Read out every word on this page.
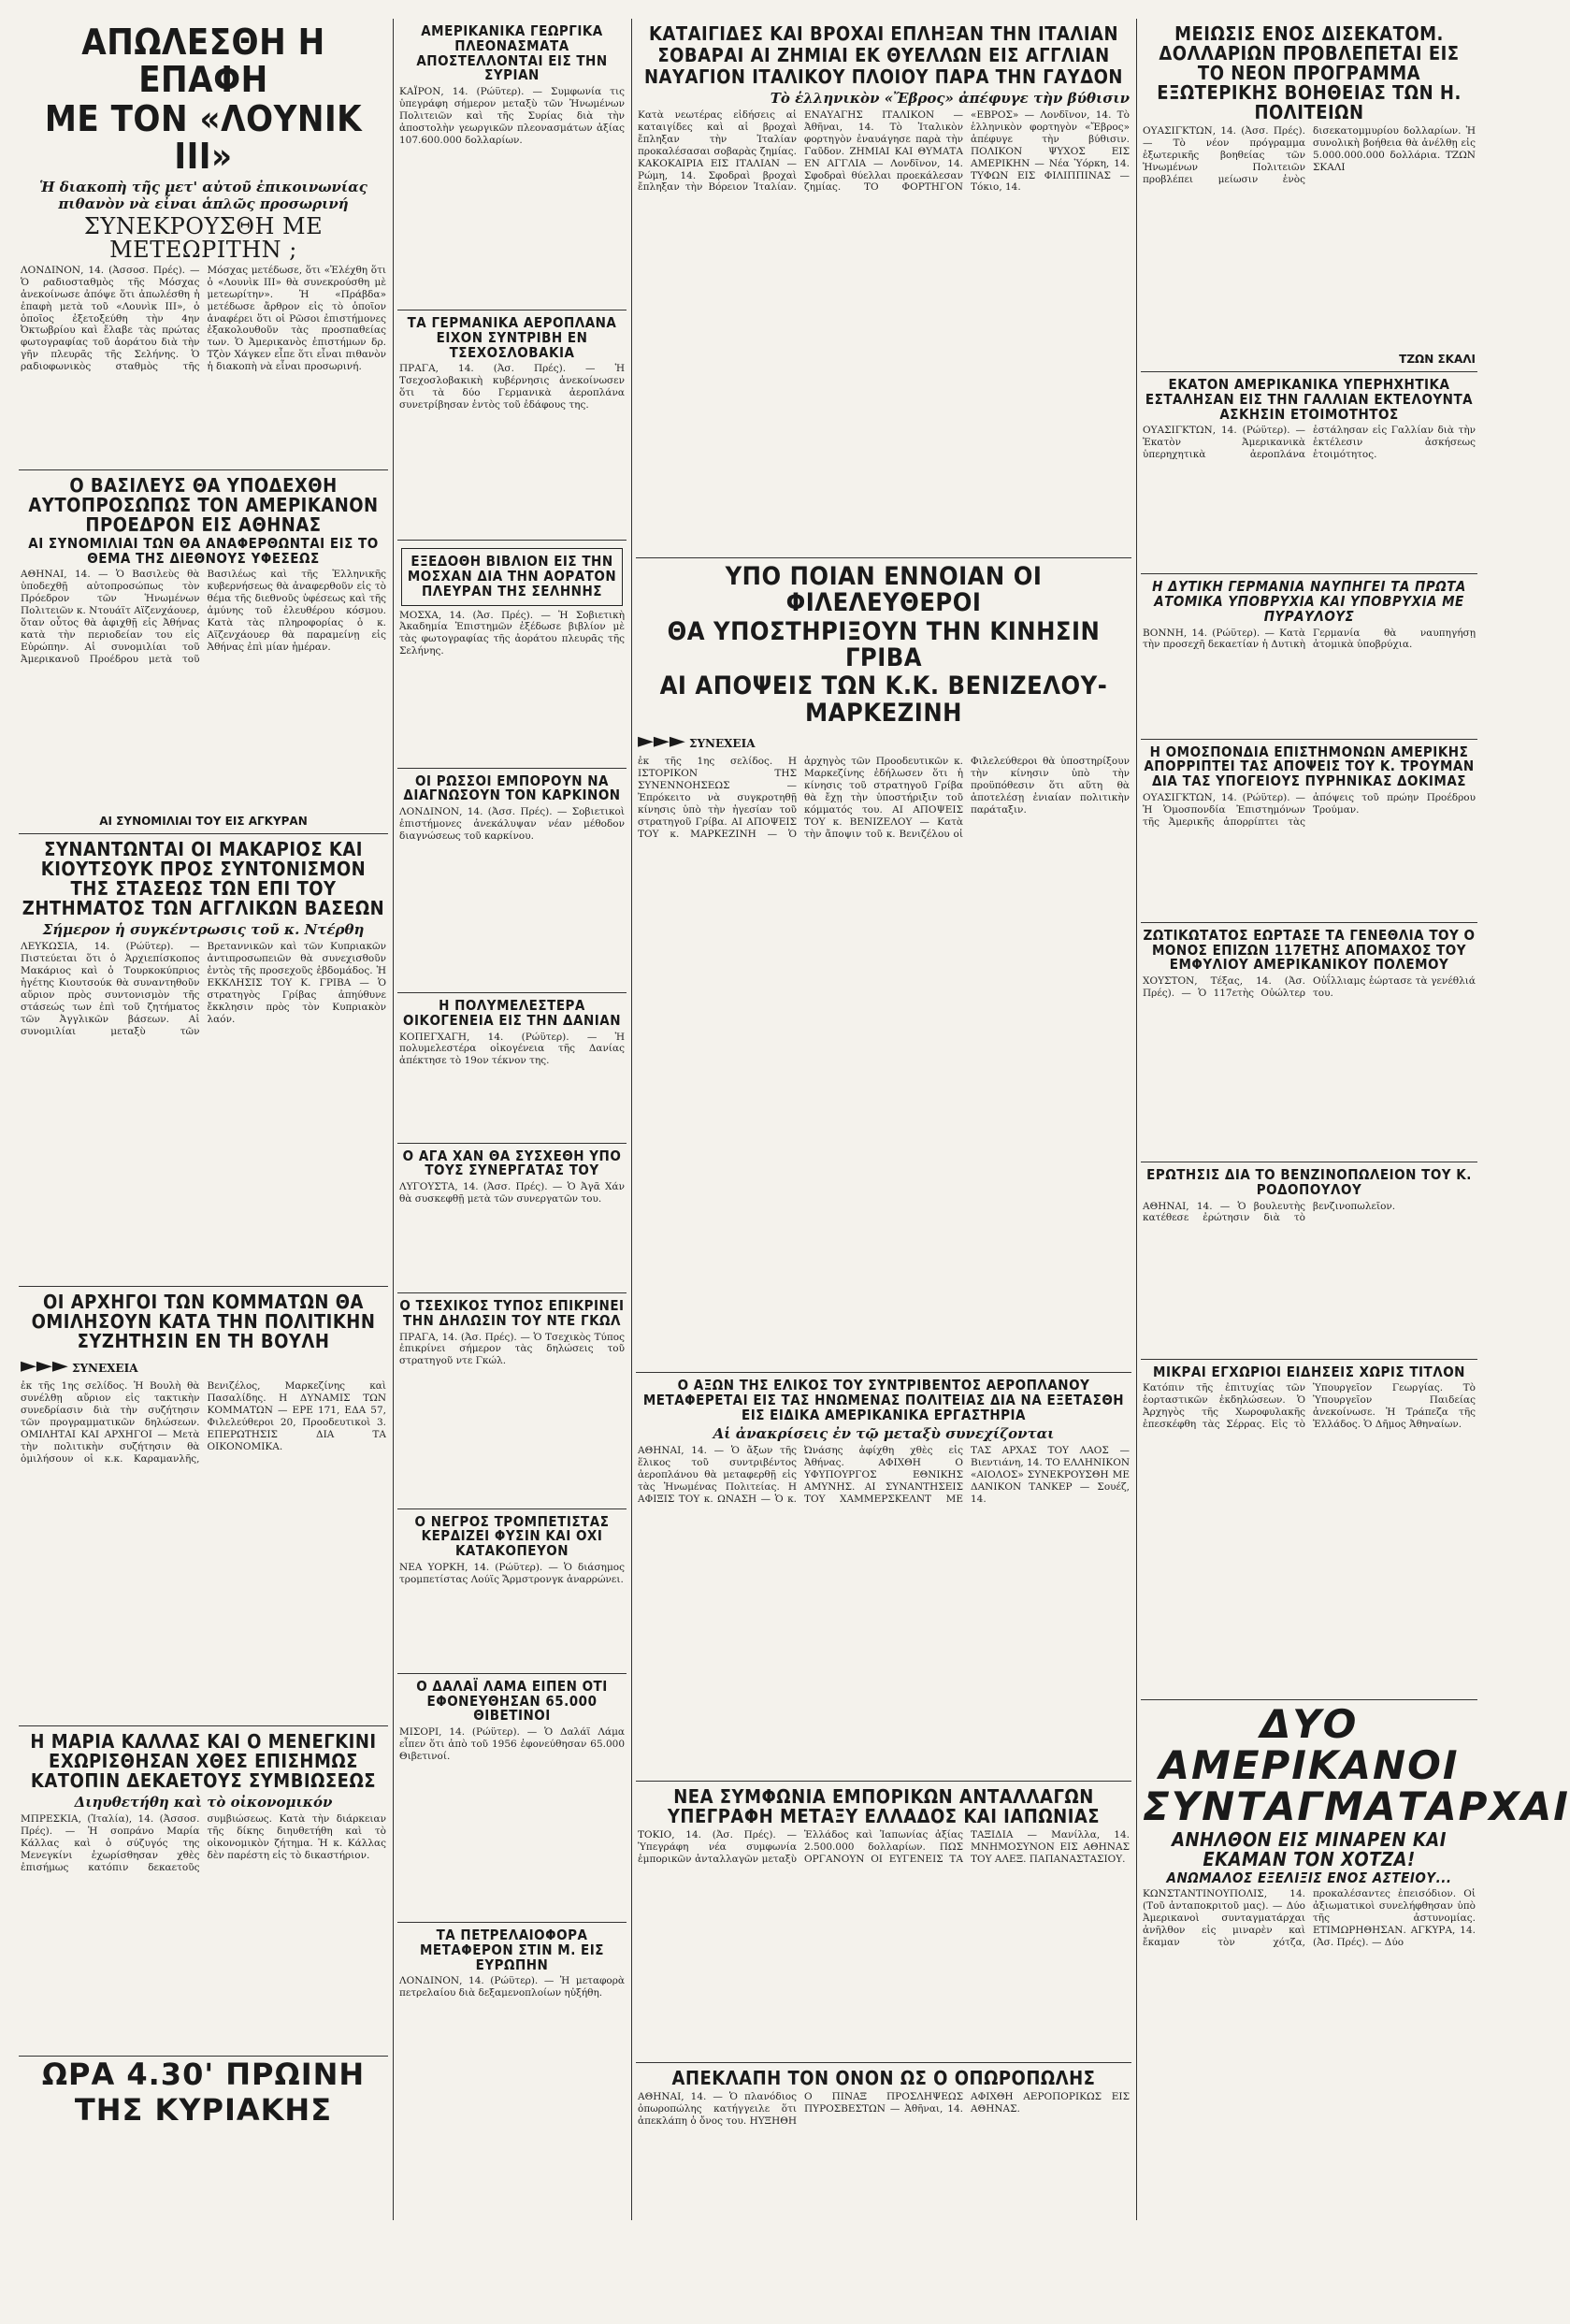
ΑΠΩΛΕΣΘΗ Η ΕΠΑΦΗ
ΜΕ ΤΟΝ «ΛΟΥΝΙΚ ΙΙΙ»
Ἡ διακοπὴ τῆς μετ' αὐτοῦ ἐπικοινωνίας πιθανὸν νὰ εἶναι ἁπλῶς προσωρινή
ΣΥΝΕΚΡΟΥΣΘΗ ΜΕ ΜΕΤΕΩΡΙΤΗΝ ;
ΛΟΝΔΙΝΟΝ, 14. (Ἀσσοσ. Πρές). — Ὁ ραδιοσταθμὸς τῆς Μόσχας ἀνεκοίνωσε ἀπόψε ὅτι ἀπωλέσθη ἡ ἐπαφὴ μετὰ τοῦ «Λουνὶκ ΙΙΙ», ὁ ὁποῖος ἐξετοξεύθη τὴν 4ην Ὀκτωβρίου καὶ ἔλαβε τὰς πρώτας φωτογραφίας τοῦ ἀοράτου διὰ τὴν γῆν πλευρᾶς τῆς Σελήνης. Ὁ ραδιοφωνικὸς σταθμὸς τῆς Μόσχας μετέδωσε, ὅτι «Ἐλέχθη ὅτι ὁ «Λουνὶκ ΙΙΙ» θὰ συνεκρούσθη μὲ μετεωρίτην». Ἡ «Πράβδα» μετέδωσε ἄρθρον εἰς τὸ ὁποῖον ἀναφέρει ὅτι οἱ Ρῶσοι ἐπιστήμονες ἐξακολουθοῦν τὰς προσπαθείας των. Ὁ Ἀμερικανὸς ἐπιστήμων δρ. Τζὸν Χάγκεν εἶπε ὅτι εἶναι πιθανὸν ἡ διακοπὴ νὰ εἶναι προσωρινή.
Ο ΒΑΣΙΛΕΥΣ ΘΑ ΥΠΟΔΕΧΘΗ ΑΥΤΟΠΡΟΣΩΠΩΣ ΤΟΝ ΑΜΕΡΙΚΑΝΟΝ ΠΡΟΕΔΡΟΝ ΕΙΣ ΑΘΗΝΑΣ
ΑΙ ΣΥΝΟΜΙΛΙΑΙ ΤΩΝ ΘΑ ΑΝΑΦΕΡΘΩΝΤΑΙ ΕΙΣ ΤΟ ΘΕΜΑ ΤΗΣ ΔΙΕΘΝΟΥΣ ΥΦΕΣΕΩΣ
ΑΘΗΝΑΙ, 14. — Ὁ Βασιλεὺς θὰ ὑποδεχθῇ αὐτοπροσώπως τὸν Πρόεδρον τῶν Ἡνωμένων Πολιτειῶν κ. Ντουάϊτ Αϊζενχάουερ, ὅταν οὗτος θὰ ἀφιχθῇ εἰς Ἀθήνας κατὰ τὴν περιοδείαν του εἰς Εὐρώπην. Αἱ συνομιλίαι τοῦ Ἀμερικανοῦ Προέδρου μετὰ τοῦ Βασιλέως καὶ τῆς Ἑλληνικῆς κυβερνήσεως θὰ ἀναφερθοῦν εἰς τὸ θέμα τῆς διεθνοῦς ὑφέσεως καὶ τῆς ἀμύνης τοῦ ἐλευθέρου κόσμου. Κατὰ τὰς πληροφορίας ὁ κ. Αϊζενχάουερ θὰ παραμείνῃ εἰς Ἀθήνας ἐπὶ μίαν ἡμέραν.
ΑΙ ΣΥΝΟΜΙΛΙΑΙ ΤΟΥ ΕΙΣ ΑΓΚΥΡΑΝ
ΣΥΝΑΝΤΩΝΤΑΙ ΟΙ ΜΑΚΑΡΙΟΣ ΚΑΙ ΚΙΟΥΤΣΟΥΚ ΠΡΟΣ ΣΥΝΤΟΝΙΣΜΟΝ ΤΗΣ ΣΤΑΣΕΩΣ ΤΩΝ ΕΠΙ ΤΟΥ ΖΗΤΗΜΑΤΟΣ ΤΩΝ ΑΓΓΛΙΚΩΝ ΒΑΣΕΩΝ
Σήμερον ἡ συγκέντρωσις τοῦ κ. Ντέρθη
ΛΕΥΚΩΣΙΑ, 14. (Ρώϋτερ). — Πιστεύεται ὅτι ὁ Ἀρχιεπίσκοπος Μακάριος καὶ ὁ Τουρκοκύπριος ἡγέτης Κιουτσούκ θὰ συναντηθοῦν αὔριον πρὸς συντονισμὸν τῆς στάσεώς των ἐπὶ τοῦ ζητήματος τῶν Ἀγγλικῶν βάσεων. Αἱ συνομιλίαι μεταξὺ τῶν Βρεταννικῶν καὶ τῶν Κυπριακῶν ἀντιπροσωπειῶν θὰ συνεχισθοῦν ἐντὸς τῆς προσεχοῦς ἑβδομάδος. Ἡ ΕΚΚΛΗΣΙΣ ΤΟΥ Κ. ΓΡΙΒΑ — Ὁ στρατηγὸς Γρίβας ἀπηύθυνε ἔκκλησιν πρὸς τὸν Κυπριακὸν λαόν.
ΟΙ ΑΡΧΗΓΟΙ ΤΩΝ ΚΟΜΜΑΤΩΝ ΘΑ ΟΜΙΛΗΣΟΥΝ ΚΑΤΑ ΤΗΝ ΠΟΛΙΤΙΚΗΝ ΣΥΖΗΤΗΣΙΝ ΕΝ ΤΗ ΒΟΥΛΗ
►►► ΣΥΝΕΧΕΙΑ
ἐκ τῆς 1ης σελίδος. Ἡ Βουλὴ θὰ συνέλθῃ αὔριον εἰς τακτικὴν συνεδρίασιν διὰ τὴν συζήτησιν τῶν προγραμματικῶν δηλώσεων. ΟΜΙΛΗΤΑΙ ΚΑΙ ΑΡΧΗΓΟΙ — Μετὰ τὴν πολιτικὴν συζήτησιν θὰ ὁμιλήσουν οἱ κ.κ. Καραμανλῆς, Βενιζέλος, Μαρκεζίνης καὶ Πασαλίδης. Η ΔΥΝΑΜΙΣ ΤΩΝ ΚΟΜΜΑΤΩΝ — ΕΡΕ 171, ΕΔΑ 57, Φιλελεύθεροι 20, Προοδευτικοὶ 3. ΕΠΕΡΩΤΗΣΙΣ ΔΙΑ ΤΑ ΟΙΚΟΝΟΜΙΚΑ.
Η ΜΑΡΙΑ ΚΑΛΛΑΣ ΚΑΙ Ο ΜΕΝΕΓΚΙΝΙ ΕΧΩΡΙΣΘΗΣΑΝ ΧΘΕΣ ΕΠΙΣΗΜΩΣ ΚΑΤΟΠΙΝ ΔΕΚΑΕΤΟΥΣ ΣΥΜΒΙΩΣΕΩΣ
Διηυθετήθη καὶ τὸ οἰκονομικόν
ΜΠΡΕΣΚΙΑ, (Ἰταλία), 14. (Ἀσσοσ. Πρές). — Ἡ σοπράνο Μαρία Κάλλας καὶ ὁ σύζυγός της Μενεγκίνι ἐχωρίσθησαν χθὲς ἐπισήμως κατόπιν δεκαετοῦς συμβιώσεως. Κατὰ τὴν διάρκειαν τῆς δίκης διηυθετήθη καὶ τὸ οἰκονομικὸν ζήτημα. Ἡ κ. Κάλλας δὲν παρέστη εἰς τὸ δικαστήριον.
ΩΡΑ 4.30' ΠΡΩΙΝΗ ΤΗΣ ΚΥΡΙΑΚΗΣ
ΑΜΕΡΙΚΑΝΙΚΑ ΓΕΩΡΓΙΚΑ ΠΛΕΟΝΑΣΜΑΤΑ ΑΠΟΣΤΕΛΛΟΝΤΑΙ ΕΙΣ ΤΗΝ ΣΥΡΙΑΝ
ΚΑΪΡΟΝ, 14. (Ρώϋτερ). — Συμφωνία τις ὑπεγράφη σήμερον μεταξὺ τῶν Ἡνωμένων Πολιτειῶν καὶ τῆς Συρίας διὰ τὴν ἀποστολὴν γεωργικῶν πλεονασμάτων ἀξίας 107.600.000 δολλαρίων.
ΤΑ ΓΕΡΜΑΝΙΚΑ ΑΕΡΟΠΛΑΝΑ ΕΙΧΟΝ ΣΥΝΤΡΙΒΗ ΕΝ ΤΣΕΧΟΣΛΟΒΑΚΙΑ
ΠΡΑΓΑ, 14. (Ἀσ. Πρές). — Ἡ Τσεχοσλοβακικὴ κυβέρνησις ἀνεκοίνωσεν ὅτι τὰ δύο Γερμανικὰ ἀεροπλάνα συνετρίβησαν ἐντὸς τοῦ ἐδάφους της.
ΕΞΕΔΟΘΗ ΒΙΒΛΙΟΝ ΕΙΣ ΤΗΝ ΜΟΣΧΑΝ ΔΙΑ ΤΗΝ ΑΟΡΑΤΟΝ ΠΛΕΥΡΑΝ ΤΗΣ ΣΕΛΗΝΗΣ
ΜΟΣΧΑ, 14. (Ἀσ. Πρές). — Ἡ Σοβιετικὴ Ἀκαδημία Ἐπιστημῶν ἐξέδωσε βιβλίον μὲ τὰς φωτογραφίας τῆς ἀοράτου πλευρᾶς τῆς Σελήνης.
ΟΙ ΡΩΣΣΟΙ ΕΜΠΟΡΟΥΝ ΝΑ ΔΙΑΓΝΩΣΟΥΝ ΤΟΝ ΚΑΡΚΙΝΟΝ
ΛΟΝΔΙΝΟΝ, 14. (Ἀσσ. Πρές). — Σοβιετικοὶ ἐπιστήμονες ἀνεκάλυψαν νέαν μέθοδον διαγνώσεως τοῦ καρκίνου.
Η ΠΟΛΥΜΕΛΕΣΤΕΡΑ ΟΙΚΟΓΕΝΕΙΑ ΕΙΣ ΤΗΝ ΔΑΝΙΑΝ
ΚΟΠΕΓΧΑΓΗ, 14. (Ρώϋτερ). — Ἡ πολυμελεστέρα οἰκογένεια τῆς Δανίας ἀπέκτησε τὸ 19ον τέκνον της.
Ο ΑΓΑ ΧΑΝ ΘΑ ΣΥΣΧΕΘΗ ΥΠΟ ΤΟΥΣ ΣΥΝΕΡΓΑΤΑΣ ΤΟΥ
ΛΥΓΟΥΣΤΑ, 14. (Ἀσσ. Πρές). — Ὁ Ἀγᾶ Χάν θὰ συσκεφθῇ μετὰ τῶν συνεργατῶν του.
Ο ΤΣΕΧΙΚΟΣ ΤΥΠΟΣ ΕΠΙΚΡΙΝΕΙ ΤΗΝ ΔΗΛΩΣΙΝ ΤΟΥ ΝΤΕ ΓΚΩΛ
ΠΡΑΓΑ, 14. (Ἀσ. Πρές). — Ὁ Τσεχικὸς Τύπος ἐπικρίνει σήμερον τὰς δηλώσεις τοῦ στρατηγοῦ ντε Γκώλ.
Ο ΝΕΓΡΟΣ ΤΡΟΜΠΕΤΙΣΤΑΣ ΚΕΡΔΙΖΕΙ ΦΥΣΙΝ ΚΑΙ ΟΧΙ ΚΑΤΑΚΟΠΕΥΟΝ
ΝΕΑ ΥΟΡΚΗ, 14. (Ρώϋτερ). — Ὁ διάσημος τρομπετίστας Λούϊς Ἄρμστρονγκ ἀναρρώνει.
Ο ΔΑΛΑΪ ΛΑΜΑ ΕΙΠΕΝ ΟΤΙ ΕΦΟΝΕΥΘΗΣΑΝ 65.000 ΘΙΒΕΤΙΝΟΙ
ΜΙΣΟΡΙ, 14. (Ρώϋτερ). — Ὁ Δαλάϊ Λάμα εἶπεν ὅτι ἀπὸ τοῦ 1956 ἐφονεύθησαν 65.000 Θιβετινοί.
ΤΑ ΠΕΤΡΕΛΑΙΟΦΟΡΑ ΜΕΤΑΦΕΡΟΝ ΣΤΙΝ Μ. ΕΙΣ ΕΥΡΩΠΗΝ
ΛΟΝΔΙΝΟΝ, 14. (Ρώϋτερ). — Ἡ μεταφορὰ πετρελαίου διὰ δεξαμενοπλοίων ηὐξήθη.
ΚΑΤΑΙΓΙΔΕΣ ΚΑΙ ΒΡΟΧΑΙ ΕΠΛΗΞΑΝ ΤΗΝ ΙΤΑΛΙΑΝ
ΣΟΒΑΡΑΙ ΑΙ ΖΗΜΙΑΙ ΕΚ ΘΥΕΛΛΩΝ ΕΙΣ ΑΓΓΛΙΑΝ
ΝΑΥΑΓΙΟΝ ΙΤΑΛΙΚΟΥ ΠΛΟΙΟΥ ΠΑΡΑ ΤΗΝ ΓΑΥΔΟΝ
Τὸ ἑλληνικὸν «Ἔβρος» ἀπέφυγε τὴν βύθισιν
Κατὰ νεωτέρας εἰδήσεις αἱ καταιγίδες καὶ αἱ βροχαὶ ἔπληξαν τὴν Ἰταλίαν προκαλέσασαι σοβαρὰς ζημίας. ΚΑΚΟΚΑΙΡΙΑ ΕΙΣ ΙΤΑΛΙΑΝ — Ρώμη, 14. Σφοδραὶ βροχαὶ ἔπληξαν τὴν Βόρειον Ἰταλίαν. ΕΝΑΥΑΓΗΣ ΙΤΑΛΙΚΟΝ — Ἀθῆναι, 14. Τὸ Ἰταλικὸν φορτηγὸν ἐναυάγησε παρὰ τὴν Γαῦδον. ΖΗΜΙΑΙ ΚΑΙ ΘΥΜΑΤΑ ΕΝ ΑΓΓΛΙΑ — Λονδῖνον, 14. Σφοδραὶ θύελλαι προεκάλεσαν ζημίας. ΤΟ ΦΟΡΤΗΓΟΝ «ΕΒΡΟΣ» — Λονδῖνον, 14. Τὸ ἑλληνικὸν φορτηγὸν «Ἔβρος» ἀπέφυγε τὴν βύθισιν. ΠΟΛΙΚΟΝ ΨΥΧΟΣ ΕΙΣ ΑΜΕΡΙΚΗΝ — Νέα Ὑόρκη, 14. ΤΥΦΩΝ ΕΙΣ ΦΙΛΙΠΠΙΝΑΣ — Τόκιο, 14.
ΥΠΟ ΠΟΙΑΝ ΕΝΝΟΙΑΝ ΟΙ ΦΙΛΕΛΕΥΘΕΡΟΙ
ΘΑ ΥΠΟΣΤΗΡΙΞΟΥΝ ΤΗΝ ΚΙΝΗΣΙΝ ΓΡΙΒΑ
ΑΙ ΑΠΟΨΕΙΣ ΤΩΝ Κ.Κ. ΒΕΝΙΖΕΛΟΥ-ΜΑΡΚΕΖΙΝΗ
►►► ΣΥΝΕΧΕΙΑ
ἐκ τῆς 1ης σελίδος. Η ΙΣΤΟΡΙΚΟΝ ΤΗΣ ΣΥΝΕΝΝΟΗΣΕΩΣ — Ἐπρόκειτο νὰ συγκροτηθῇ κίνησις ὑπὸ τὴν ἡγεσίαν τοῦ στρατηγοῦ Γρίβα. ΑΙ ΑΠΟΨΕΙΣ ΤΟΥ κ. ΜΑΡΚΕΖΙΝΗ — Ὁ ἀρχηγὸς τῶν Προοδευτικῶν κ. Μαρκεζίνης ἐδήλωσεν ὅτι ἡ κίνησις τοῦ στρατηγοῦ Γρίβα θὰ ἔχῃ τὴν ὑποστήριξιν τοῦ κόμματός του. ΑΙ ΑΠΟΨΕΙΣ ΤΟΥ κ. ΒΕΝΙΖΕΛΟΥ — Κατὰ τὴν ἄποψιν τοῦ κ. Βενιζέλου οἱ Φιλελεύθεροι θὰ ὑποστηρίξουν τὴν κίνησιν ὑπὸ τὴν προϋπόθεσιν ὅτι αὕτη θὰ ἀποτελέσῃ ἑνιαίαν πολιτικὴν παράταξιν.
Ο ΑΞΩΝ ΤΗΣ ΕΛΙΚΟΣ ΤΟΥ ΣΥΝΤΡΙΒΕΝΤΟΣ ΑΕΡΟΠΛΑΝΟΥ ΜΕΤΑΦΕΡΕΤΑΙ ΕΙΣ ΤΑΣ ΗΝΩΜΕΝΑΣ ΠΟΛΙΤΕΙΑΣ ΔΙΑ ΝΑ ΕΞΕΤΑΣΘΗ ΕΙΣ ΕΙΔΙΚΑ ΑΜΕΡΙΚΑΝΙΚΑ ΕΡΓΑΣΤΗΡΙΑ
Αἱ ἀνακρίσεις ἐν τῷ μεταξὺ συνεχίζονται
ΑΘΗΝΑΙ, 14. — Ὁ ἄξων τῆς ἕλικος τοῦ συντριβέντος ἀεροπλάνου θὰ μεταφερθῇ εἰς τὰς Ἡνωμένας Πολιτείας. Η ΑΦΙΞΙΣ ΤΟΥ κ. ΩΝΑΣΗ — Ὁ κ. Ὠνάσης ἀφίχθη χθὲς εἰς Ἀθήνας. ΑΦΙΧΘΗ Ο ΥΦΥΠΟΥΡΓΟΣ ΕΘΝΙΚΗΣ ΑΜΥΝΗΣ. ΑΙ ΣΥΝΑΝΤΗΣΕΙΣ ΤΟΥ ΧΑΜΜΕΡΣΚΕΛΝΤ ΜΕ ΤΑΣ ΑΡΧΑΣ ΤΟΥ ΛΑΟΣ — Βιεντιάνη, 14. ΤΟ ΕΛΛΗΝΙΚΟΝ «ΑΙΟΛΟΣ» ΣΥΝΕΚΡΟΥΣΘΗ ΜΕ ΔΑΝΙΚΟΝ ΤΑΝΚΕΡ — Σουέζ, 14.
ΝΕΑ ΣΥΜΦΩΝΙΑ ΕΜΠΟΡΙΚΩΝ ΑΝΤΑΛΛΑΓΩΝ ΥΠΕΓΡΑΦΗ ΜΕΤΑΞΥ ΕΛΛΑΔΟΣ ΚΑΙ ΙΑΠΩΝΙΑΣ
ΤΟΚΙΟ, 14. (Ἀσ. Πρές). — Ὑπεγράφη νέα συμφωνία ἐμπορικῶν ἀνταλλαγῶν μεταξὺ Ἑλλάδος καὶ Ἰαπωνίας ἀξίας 2.500.000 δολλαρίων. ΠΩΣ ΟΡΓΑΝΟΥΝ ΟΙ ΕΥΓΕΝΕΙΣ ΤΑ ΤΑΞΙΔΙΑ — Μανίλλα, 14. ΜΝΗΜΟΣΥΝΟΝ ΕΙΣ ΑΘΗΝΑΣ ΤΟΥ ΑΛΕΞ. ΠΑΠΑΝΑΣΤΑΣΙΟΥ.
ΑΠΕΚΛΑΠΗ ΤΟΝ ΟΝΟΝ ΩΣ Ο ΟΠΩΡΟΠΩΛΗΣ
ΑΘΗΝΑΙ, 14. — Ὁ πλανόδιος ὀπωροπώλης κατήγγειλε ὅτι ἀπεκλάπη ὁ ὄνος του. ΗΥΞΗΘΗ Ο ΠΙΝΑΞ ΠΡΟΣΛΗΨΕΩΣ ΠΥΡΟΣΒΕΣΤΩΝ — Ἀθῆναι, 14. ΑΦΙΧΘΗ ΑΕΡΟΠΟΡΙΚΩΣ ΕΙΣ ΑΘΗΝΑΣ.
ΜΕΙΩΣΙΣ ΕΝΟΣ ΔΙΣΕΚΑΤΟΜ. ΔΟΛΛΑΡΙΩΝ ΠΡΟΒΛΕΠΕΤΑΙ ΕΙΣ ΤΟ ΝΕΟΝ ΠΡΟΓΡΑΜΜΑ ΕΞΩΤΕΡΙΚΗΣ ΒΟΗΘΕΙΑΣ ΤΩΝ Η. ΠΟΛΙΤΕΙΩΝ
ΟΥΑΣΙΓΚΤΩΝ, 14. (Ἀσσ. Πρές). — Τὸ νέον πρόγραμμα ἐξωτερικῆς βοηθείας τῶν Ἡνωμένων Πολιτειῶν προβλέπει μείωσιν ἑνὸς δισεκατομμυρίου δολλαρίων. Ἡ συνολικὴ βοήθεια θὰ ἀνέλθῃ εἰς 5.000.000.000 δολλάρια. ΤΖΩΝ ΣΚΑΛΙ
ΤΖΩΝ ΣΚΑΛΙ
ΕΚΑΤΟΝ ΑΜΕΡΙΚΑΝΙΚΑ ΥΠΕΡΗΧΗΤΙΚΑ ΕΣΤΑΛΗΣΑΝ ΕΙΣ ΤΗΝ ΓΑΛΛΙΑΝ ΕΚΤΕΛΟΥΝΤΑ ΑΣΚΗΣΙΝ ΕΤΟΙΜΟΤΗΤΟΣ
ΟΥΑΣΙΓΚΤΩΝ, 14. (Ρώϋτερ). — Ἑκατὸν Ἀμερικανικὰ ὑπερηχητικὰ ἀεροπλάνα ἐστάλησαν εἰς Γαλλίαν διὰ τὴν ἐκτέλεσιν ἀσκήσεως ἑτοιμότητος.
Η ΔΥΤΙΚΗ ΓΕΡΜΑΝΙΑ ΝΑΥΠΗΓΕΙ ΤΑ ΠΡΩΤΑ ΑΤΟΜΙΚΑ ΥΠΟΒΡΥΧΙΑ ΚΑΙ ΥΠΟΒΡΥΧΙΑ ΜΕ ΠΥΡΑΥΛΟΥΣ
ΒΟΝΝΗ, 14. (Ρώϋτερ). — Κατὰ τὴν προσεχῆ δεκαετίαν ἡ Δυτικὴ Γερμανία θὰ ναυπηγήσῃ ἀτομικὰ ὑποβρύχια.
Η ΟΜΟΣΠΟΝΔΙΑ ΕΠΙΣΤΗΜΟΝΩΝ ΑΜΕΡΙΚΗΣ ΑΠΟΡΡΙΠΤΕΙ ΤΑΣ ΑΠΟΨΕΙΣ ΤΟΥ Κ. ΤΡΟΥΜΑΝ ΔΙΑ ΤΑΣ ΥΠΟΓΕΙΟΥΣ ΠΥΡΗΝΙΚΑΣ ΔΟΚΙΜΑΣ
ΟΥΑΣΙΓΚΤΩΝ, 14. (Ρώϋτερ). — Ἡ Ὁμοσπονδία Ἐπιστημόνων τῆς Ἀμερικῆς ἀπορρίπτει τὰς ἀπόψεις τοῦ πρώην Προέδρου Τρούμαν.
ΖΩΤΙΚΩΤΑΤΟΣ ΕΩΡΤΑΣΕ ΤΑ ΓΕΝΕΘΛΙΑ ΤΟΥ Ο ΜΟΝΟΣ ΕΠΙΖΩΝ 117ΕΤΗΣ ΑΠΟΜΑΧΟΣ ΤΟΥ ΕΜΦΥΛΙΟΥ ΑΜΕΡΙΚΑΝΙΚΟΥ ΠΟΛΕΜΟΥ
ΧΟΥΣΤΟΝ, Τέξας, 14. (Ἀσ. Πρές). — Ὁ 117ετὴς Οὐώλτερ Οὐΐλλιαμς ἑώρτασε τὰ γενέθλιά του.
ΕΡΩΤΗΣΙΣ ΔΙΑ ΤΟ ΒΕΝΖΙΝΟΠΩΛΕΙΟΝ ΤΟΥ Κ. ΡΟΔΟΠΟΥΛΟΥ
ΑΘΗΝΑΙ, 14. — Ὁ βουλευτὴς κατέθεσε ἐρώτησιν διὰ τὸ βενζινοπωλεῖον.
ΜΙΚΡΑΙ ΕΓΧΩΡΙΟΙ ΕΙΔΗΣΕΙΣ ΧΩΡΙΣ ΤΙΤΛΟΝ
Κατόπιν τῆς ἐπιτυχίας τῶν ἑορταστικῶν ἐκδηλώσεων. Ὁ Ἀρχηγὸς τῆς Χωροφυλακῆς ἐπεσκέφθη τὰς Σέρρας. Εἰς τὸ Ὑπουργεῖον Γεωργίας. Τὸ Ὑπουργεῖον Παιδείας ἀνεκοίνωσε. Ἡ Τράπεζα τῆς Ἑλλάδος. Ὁ Δῆμος Ἀθηναίων.
ΔΥΟ ΑΜΕΡΙΚΑΝΟΙ ΣΥΝΤΑΓΜΑΤΑΡΧΑΙ
ΑΝΗΛΘΟΝ ΕΙΣ ΜΙΝΑΡΕΝ ΚΑΙ ΕΚΑΜΑΝ ΤΟΝ ΧΟΤΖΑ!
ΑΝΩΜΑΛΟΣ ΕΞΕΛΙΞΙΣ ΕΝΟΣ ΑΣΤΕΙΟΥ...
ΚΩΝΣΤΑΝΤΙΝΟΥΠΟΛΙΣ, 14. (Τοῦ ἀνταποκριτοῦ μας). — Δύο Ἀμερικανοὶ συνταγματάρχαι ἀνῆλθον εἰς μιναρὲν καὶ ἔκαμαν τὸν χότζα, προκαλέσαντες ἐπεισόδιον. Οἱ ἀξιωματικοὶ συνελήφθησαν ὑπὸ τῆς ἀστυνομίας. ΕΤΙΜΩΡΗΘΗΣΑΝ. ΑΓΚΥΡΑ, 14. (Ἀσ. Πρές). — Δύο
